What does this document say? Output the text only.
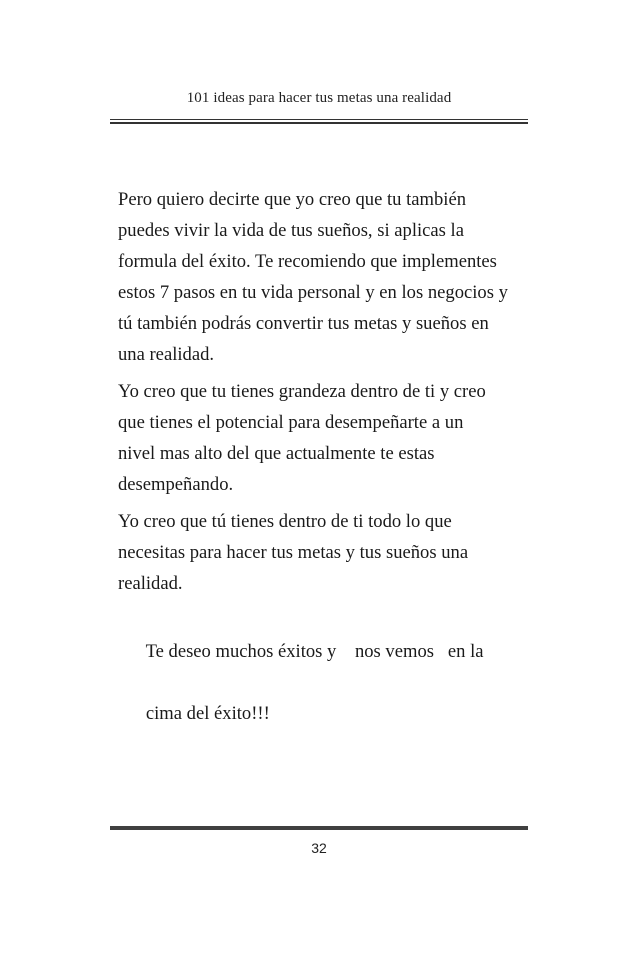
101 ideas para hacer tus metas una realidad

Pero quiero decirte que yo creo que tu también
puedes vivir la vida de tus sueños, si aplicas la
formula del éxito. Te recomiendo que implementes
estos 7 pasos en tu vida personal y en los negocios y
tú también podrás convertir tus metas y sueños en
una realidad.

Yo creo que tu tienes grandeza dentro de ti y creo
que tienes el potencial para desempeñarte a un
nivel mas alto del que actualmente te estas
desempeñando.

Yo creo que tú tienes dentro de ti todo lo que
necesitas para hacer tus metas y tus sueños una
realidad.

Te deseo muchos éxitos y    nos vemos   en la

cima del éxito!!!

32
